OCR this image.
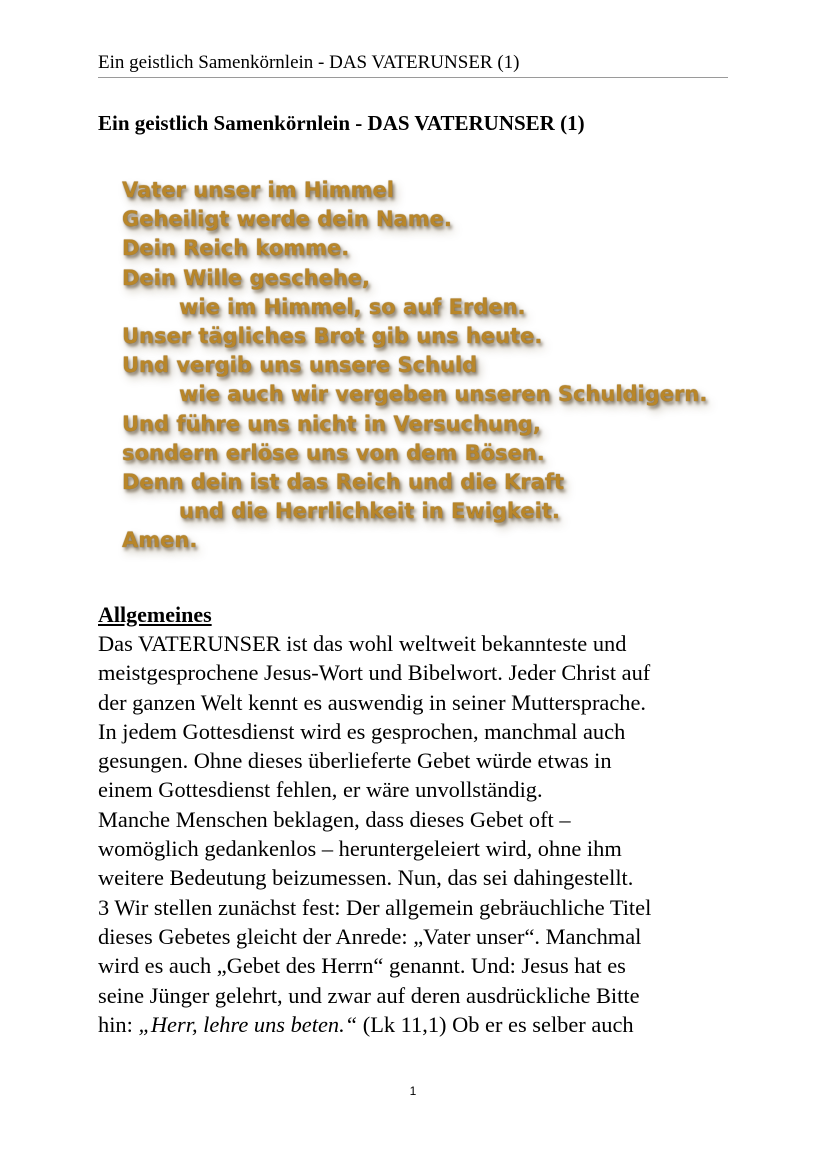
Ein geistlich Samenkörnlein - DAS VATERUNSER (1)
Ein geistlich Samenkörnlein - DAS VATERUNSER (1)
Vater unser im Himmel
Geheiligt werde dein Name.
Dein Reich komme.
Dein Wille geschehe,
wie im Himmel, so auf Erden.
Unser tägliches Brot gib uns heute.
Und vergib uns unsere Schuld
wie auch wir vergeben unseren Schuldigern.
Und führe uns nicht in Versuchung,
sondern erlöse uns von dem Bösen.
Denn dein ist das Reich und die Kraft
und die Herrlichkeit in Ewigkeit.
Amen.
Allgemeines
Das VATERUNSER ist das wohl weltweit bekannteste und
meistgesprochene Jesus-Wort und Bibelwort. Jeder Christ auf
der ganzen Welt kennt es auswendig in seiner Muttersprache.
In jedem Gottesdienst wird es gesprochen, manchmal auch
gesungen. Ohne dieses überlieferte Gebet würde etwas in
einem Gottesdienst fehlen, er wäre unvollständig.
Manche Menschen beklagen, dass dieses Gebet oft –
womöglich gedankenlos – heruntergeleiert wird, ohne ihm
weitere Bedeutung beizumessen. Nun, das sei dahingestellt.
3 Wir stellen zunächst fest: Der allgemein gebräuchliche Titel
dieses Gebetes gleicht der Anrede: „Vater unser“. Manchmal
wird es auch „Gebet des Herrn“ genannt. Und: Jesus hat es
seine Jünger gelehrt, und zwar auf deren ausdrückliche Bitte
hin: „Herr, lehre uns beten.“ (Lk 11,1) Ob er es selber auch
1
